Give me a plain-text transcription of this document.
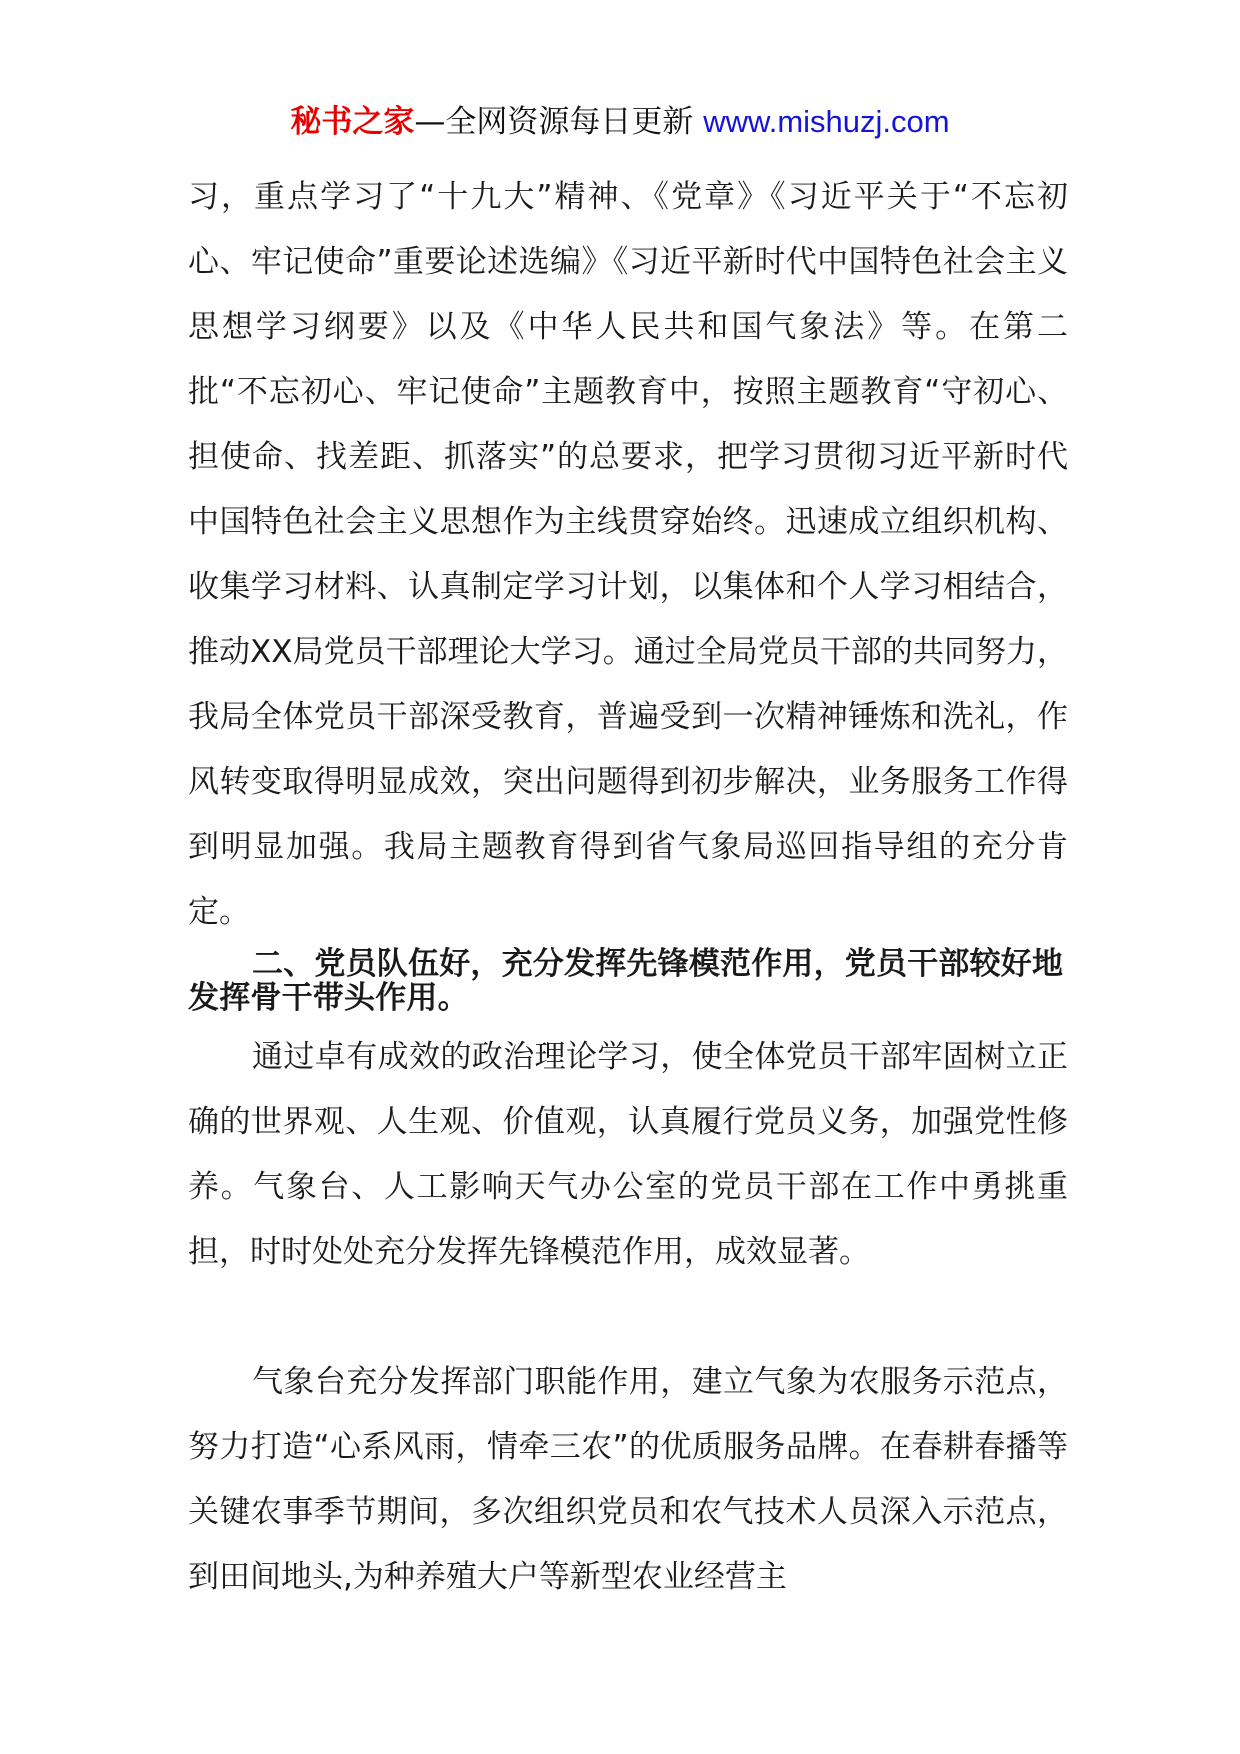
秘书之家—全网资源每日更新 www.mishuzj.com

习，重点学习了“十九大”精神、《党章》《习近平关于“不忘初心、牢记使命”重要论述选编》《习近平新时代中国特色社会主义思想学习纲要》以及《中华人民共和国气象法》等。在第二批“不忘初心、牢记使命”主题教育中，按照主题教育“守初心、担使命、找差距、抓落实”的总要求，把学习贯彻习近平新时代中国特色社会主义思想作为主线贯穿始终。迅速成立组织机构、收集学习材料、认真制定学习计划，以集体和个人学习相结合，推动XX局党员干部理论大学习。通过全局党员干部的共同努力，我局全体党员干部深受教育，普遍受到一次精神锤炼和洗礼，作风转变取得明显成效，突出问题得到初步解决，业务服务工作得到明显加强。我局主题教育得到省气象局巡回指导组的充分肯定。

二、党员队伍好，充分发挥先锋模范作用，党员干部较好地发挥骨干带头作用。

通过卓有成效的政治理论学习，使全体党员干部牢固树立正确的世界观、人生观、价值观，认真履行党员义务，加强党性修养。气象台、人工影响天气办公室的党员干部在工作中勇挑重担，时时处处充分发挥先锋模范作用，成效显著。

气象台充分发挥部门职能作用，建立气象为农服务示范点，努力打造“心系风雨，情牵三农”的优质服务品牌。在春耕春播等关键农事季节期间，多次组织党员和农气技术人员深入示范点，到田间地头,为种养殖大户等新型农业经营主
